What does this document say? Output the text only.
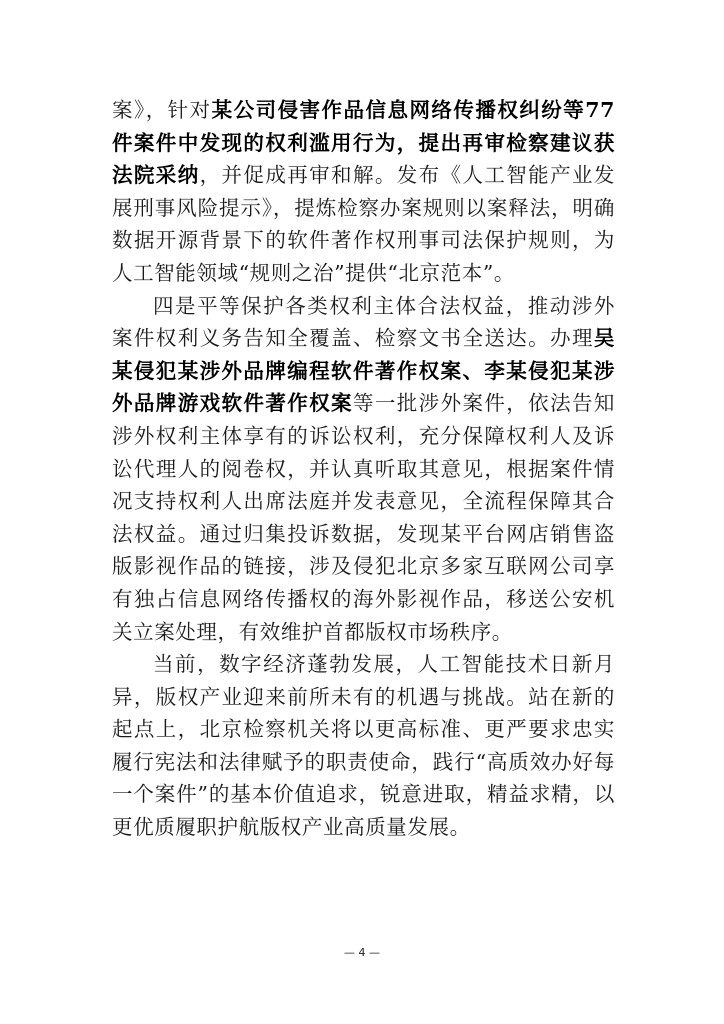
案》，针对某公司侵害作品信息网络传播权纠纷等77件案件中发现的权利滥用行为，提出再审检察建议获法院采纳，并促成再审和解。发布《人工智能产业发展刑事风险提示》，提炼检察办案规则以案释法，明确数据开源背景下的软件著作权刑事司法保护规则，为人工智能领域“规则之治”提供“北京范本”。

四是平等保护各类权利主体合法权益，推动涉外案件权利义务告知全覆盖、检察文书全送达。办理吴某侵犯某涉外品牌编程软件著作权案、李某侵犯某涉外品牌游戏软件著作权案等一批涉外案件，依法告知涉外权利主体享有的诉讼权利，充分保障权利人及诉讼代理人的阅卷权，并认真听取其意见，根据案件情况支持权利人出席法庭并发表意见，全流程保障其合法权益。通过归集投诉数据，发现某平台网店销售盗版影视作品的链接，涉及侵犯北京多家互联网公司享有独占信息网络传播权的海外影视作品，移送公安机关立案处理，有效维护首都版权市场秩序。

当前，数字经济蓬勃发展，人工智能技术日新月异，版权产业迎来前所未有的机遇与挑战。站在新的起点上，北京检察机关将以更高标准、更严要求忠实履行宪法和法律赋予的职责使命，践行“高质效办好每一个案件”的基本价值追求，锐意进取，精益求精，以更优质履职护航版权产业高质量发展。

— 4 —
